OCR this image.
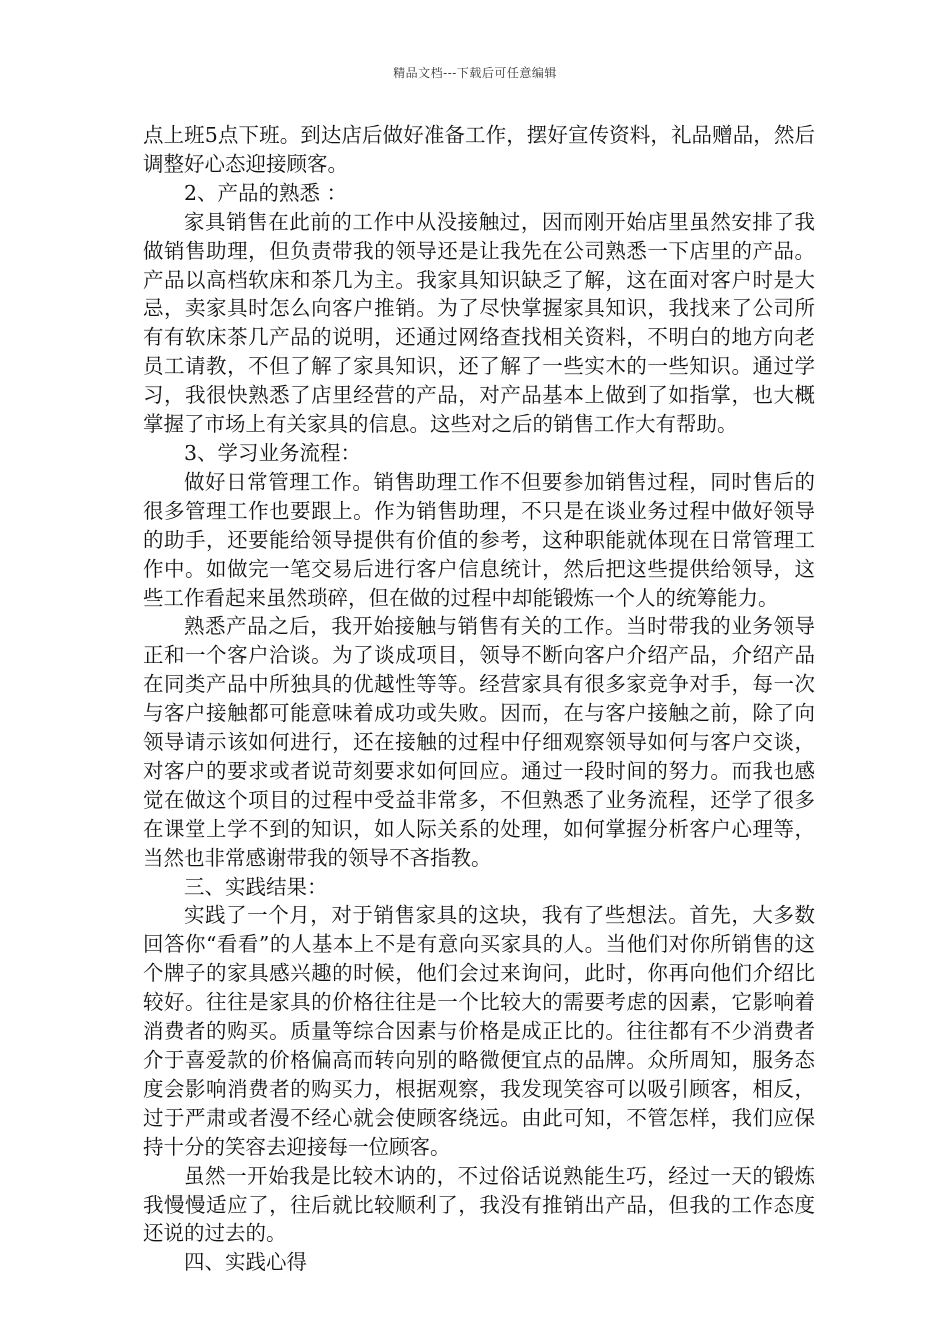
精品文档---下载后可任意编辑

点上班5点下班。到达店后做好准备工作，摆好宣传资料，礼品赠品，然后调整好心态迎接顾客。

2、产品的熟悉 ：

家具销售在此前的工作中从没接触过，因而刚开始店里虽然安排了我做销售助理，但负责带我的领导还是让我先在公司熟悉一下店里的产品。产品以高档软床和茶几为主。我家具知识缺乏了解，这在面对客户时是大忌，卖家具时怎么向客户推销。为了尽快掌握家具知识，我找来了公司所有有软床茶几产品的说明，还通过网络查找相关资料，不明白的地方向老员工请教，不但了解了家具知识，还了解了一些实木的一些知识。通过学习，我很快熟悉了店里经营的产品，对产品基本上做到了如指掌，也大概掌握了市场上有关家具的信息。这些对之后的销售工作大有帮助。

3、学习业务流程：

做好日常管理工作。销售助理工作不但要参加销售过程，同时售后的很多管理工作也要跟上。作为销售助理，不只是在谈业务过程中做好领导的助手，还要能给领导提供有价值的参考，这种职能就体现在日常管理工作中。如做完一笔交易后进行客户信息统计，然后把这些提供给领导，这些工作看起来虽然琐碎，但在做的过程中却能锻炼一个人的统筹能力。

熟悉产品之后，我开始接触与销售有关的工作。当时带我的业务领导正和一个客户洽谈。为了谈成项目，领导不断向客户介绍产品，介绍产品在同类产品中所独具的优越性等等。经营家具有很多家竞争对手，每一次与客户接触都可能意味着成功或失败。因而，在与客户接触之前，除了向领导请示该如何进行，还在接触的过程中仔细观察领导如何与客户交谈，对客户的要求或者说苛刻要求如何回应。通过一段时间的努力。而我也感觉在做这个项目的过程中受益非常多，不但熟悉了业务流程，还学了很多在课堂上学不到的知识，如人际关系的处理，如何掌握分析客户心理等，当然也非常感谢带我的领导不吝指教。

三、实践结果：

实践了一个月，对于销售家具的这块，我有了些想法。首先，大多数回答你“看看”的人基本上不是有意向买家具的人。当他们对你所销售的这个牌子的家具感兴趣的时候，他们会过来询问，此时，你再向他们介绍比较好。往往是家具的价格往往是一个比较大的需要考虑的因素，它影响着消费者的购买。质量等综合因素与价格是成正比的。往往都有不少消费者介于喜爱款的价格偏高而转向别的略微便宜点的品牌。众所周知，服务态度会影响消费者的购买力，根据观察，我发现笑容可以吸引顾客，相反，过于严肃或者漫不经心就会使顾客绕远。由此可知，不管怎样，我们应保持十分的笑容去迎接每一位顾客。

虽然一开始我是比较木讷的，不过俗话说熟能生巧，经过一天的锻炼我慢慢适应了，往后就比较顺利了，我没有推销出产品，但我的工作态度还说的过去的。

四、实践心得
